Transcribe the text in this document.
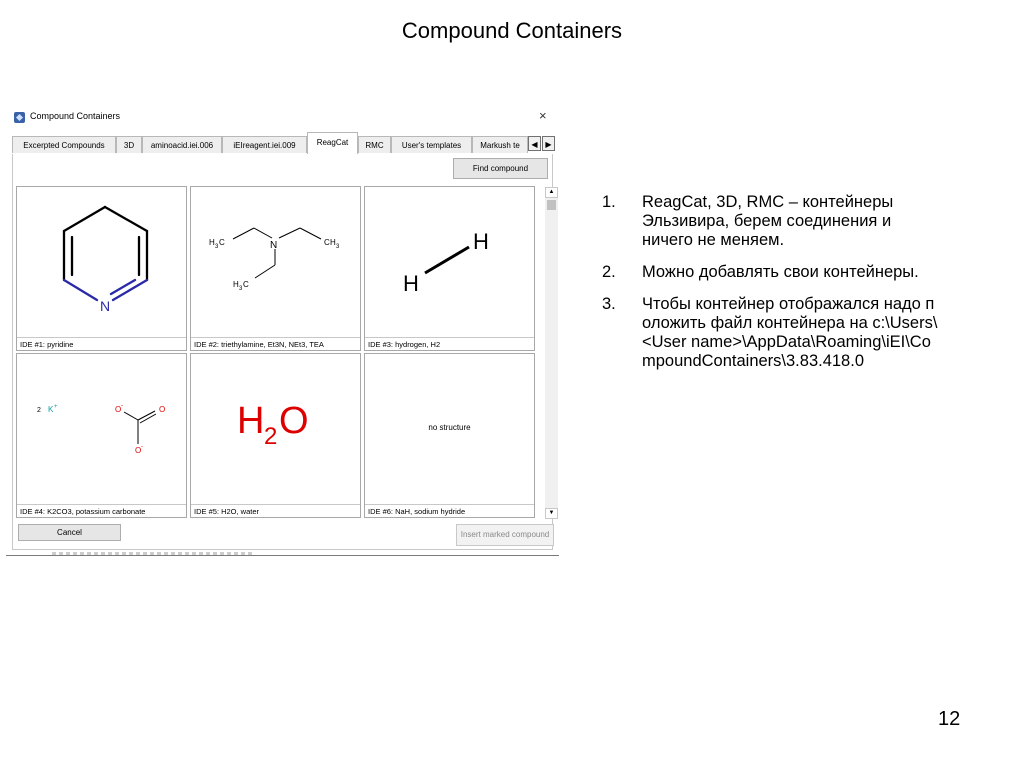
Compound Containers
Compound Containers	×
Excerpted Compounds	3D	aminoacid.iei.006	iEIreagent.iei.009	ReagCat	RMC	User's templates	Markush te	◀ ▶
Find compound
N
IDE #1: pyridine
N
H 3 C	C H 3
H 3 C
IDE #2: triethylamine, Et3N, NEt3, TEA
H
H
IDE #3: hydrogen, H2
2 K +	O -	O
O -
IDE #4: K2CO3, potassium carbonate
H 2 O
IDE #5: H2O, water
no structure
IDE #6: NaH, sodium hydride
▲
▼
Cancel	Insert marked compound
1. ReagCat, 3D, RMC – контейнеры Эльзивира, берем соединения и ничего не меняем.
2. Можно добавлять свои контейнеры.
3. Чтобы контейнер отображался надо положить файл контейнера на c:\Users\<User name>\AppData\Roaming\iEI\CompoundContainers\3.83.418.0
12
